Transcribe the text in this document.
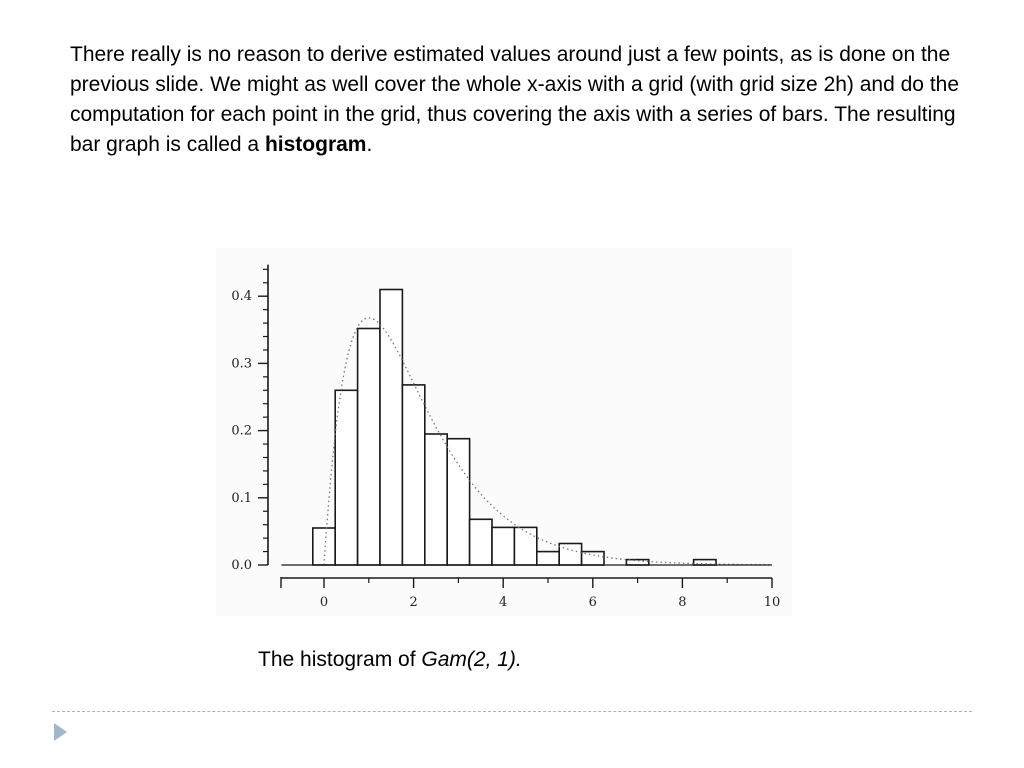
There really is no reason to derive estimated values around just a few points, as is done on the previous slide. We might as well cover the whole x-axis with a grid (with grid size 2h) and do the computation for each point in the grid, thus covering the axis with a series of bars. The resulting bar graph is called a histogram.

0.0
0.1
0.2
0.3
0.4
0	2	4	6	8	10

The histogram of Gam(2, 1).
